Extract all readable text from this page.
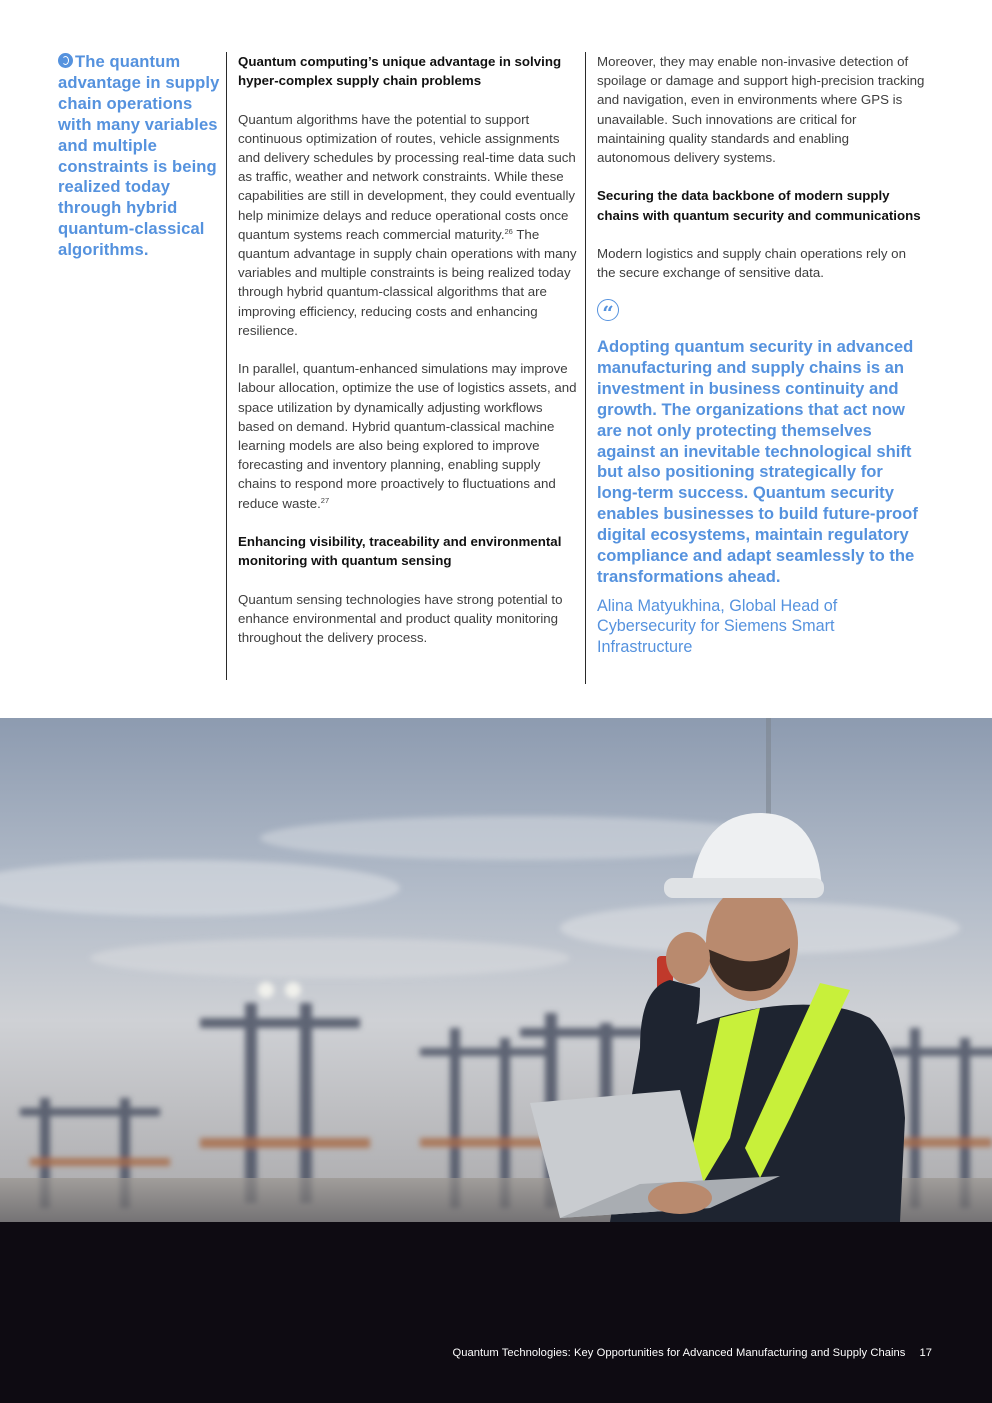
The quantum advantage in supply chain operations with many variables and multiple constraints is being realized today through hybrid quantum-classical algorithms.

Quantum computing’s unique advantage in solving hyper-complex supply chain problems

Quantum algorithms have the potential to support continuous optimization of routes, vehicle assignments and delivery schedules by processing real-time data such as traffic, weather and network constraints. While these capabilities are still in development, they could eventually help minimize delays and reduce operational costs once quantum systems reach commercial maturity.$^{26}$ The quantum advantage in supply chain operations with many variables and multiple constraints is being realized today through hybrid quantum-classical algorithms that are improving efficiency, reducing costs and enhancing resilience.

In parallel, quantum-enhanced simulations may improve labour allocation, optimize the use of logistics assets, and space utilization by dynamically adjusting workflows based on demand. Hybrid quantum-classical machine learning models are also being explored to improve forecasting and inventory planning, enabling supply chains to respond more proactively to fluctuations and reduce waste.$^{27}$

Enhancing visibility, traceability and environmental monitoring with quantum sensing

Quantum sensing technologies have strong potential to enhance environmental and product quality monitoring throughout the delivery process.

Moreover, they may enable non-invasive detection of spoilage or damage and support high-precision tracking and navigation, even in environments where GPS is unavailable. Such innovations are critical for maintaining quality standards and enabling autonomous delivery systems.

Securing the data backbone of modern supply chains with quantum security and communications

Modern logistics and supply chain operations rely on the secure exchange of sensitive data.

“

Adopting quantum security in advanced manufacturing and supply chains is an investment in business continuity and growth. The organizations that act now are not only protecting themselves against an inevitable technological shift but also positioning strategically for long-term success. Quantum security enables businesses to build future-proof digital ecosystems, maintain regulatory compliance and adapt seamlessly to the transformations ahead.

Alina Matyukhina, Global Head of Cybersecurity for Siemens Smart Infrastructure

Quantum Technologies: Key Opportunities for Advanced Manufacturing and Supply Chains 17
